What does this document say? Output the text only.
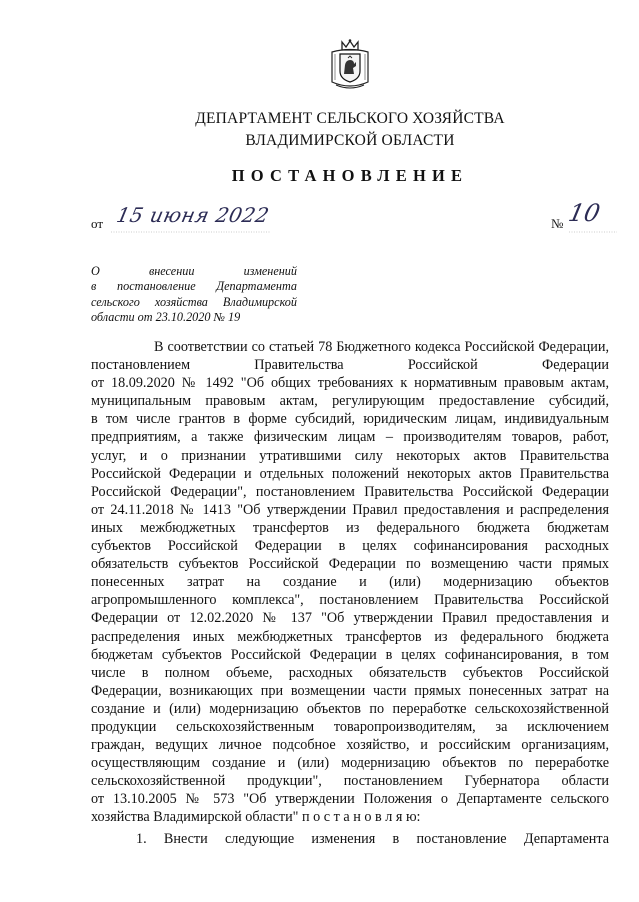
ДЕПАРТАМЕНТ СЕЛЬСКОГО ХОЗЯЙСТВА
ВЛАДИМИРСКОЙ ОБЛАСТИ
ПОСТАНОВЛЕНИЕ
от 15 июня 2022	№ 10
О внесении изменений
в постановление Департамента
сельского хозяйства Владимирской
области от 23.10.2020 № 19
В соответствии со статьей 78 Бюджетного кодекса Российской Федерации,
постановлением Правительства Российской Федерации
от 18.09.2020 № 1492 "Об общих требованиях к нормативным правовым актам,
муниципальным правовым актам, регулирующим предоставление субсидий,
в том числе грантов в форме субсидий, юридическим лицам, индивидуальным
предприятиям, а также физическим лицам – производителям товаров, работ,
услуг, и о признании утратившими силу некоторых актов Правительства
Российской Федерации и отдельных положений некоторых актов Правительства
Российской Федерации", постановлением Правительства Российской Федерации
от 24.11.2018 № 1413 "Об утверждении Правил предоставления и распределения
иных межбюджетных трансфертов из федерального бюджета бюджетам
субъектов Российской Федерации в целях софинансирования расходных
обязательств субъектов Российской Федерации по возмещению части прямых
понесенных затрат на создание и (или) модернизацию объектов
агропромышленного комплекса", постановлением Правительства Российской
Федерации от 12.02.2020 № 137 "Об утверждении Правил предоставления и
распределения иных межбюджетных трансфертов из федерального бюджета
бюджетам субъектов Российской Федерации в целях софинансирования, в том
числе в полном объеме, расходных обязательств субъектов Российской
Федерации, возникающих при возмещении части прямых понесенных затрат на
создание и (или) модернизацию объектов по переработке сельскохозяйственной
продукции сельскохозяйственным товаропроизводителям, за исключением
граждан, ведущих личное подсобное хозяйство, и российским организациям,
осуществляющим создание и (или) модернизацию объектов по переработке
сельскохозяйственной продукции", постановлением Губернатора области
от 13.10.2005 № 573 "Об утверждении Положения о Департаменте сельского
хозяйства Владимирской области" п о с т а н о в л я ю:
1. Внести следующие изменения в постановление Департамента
